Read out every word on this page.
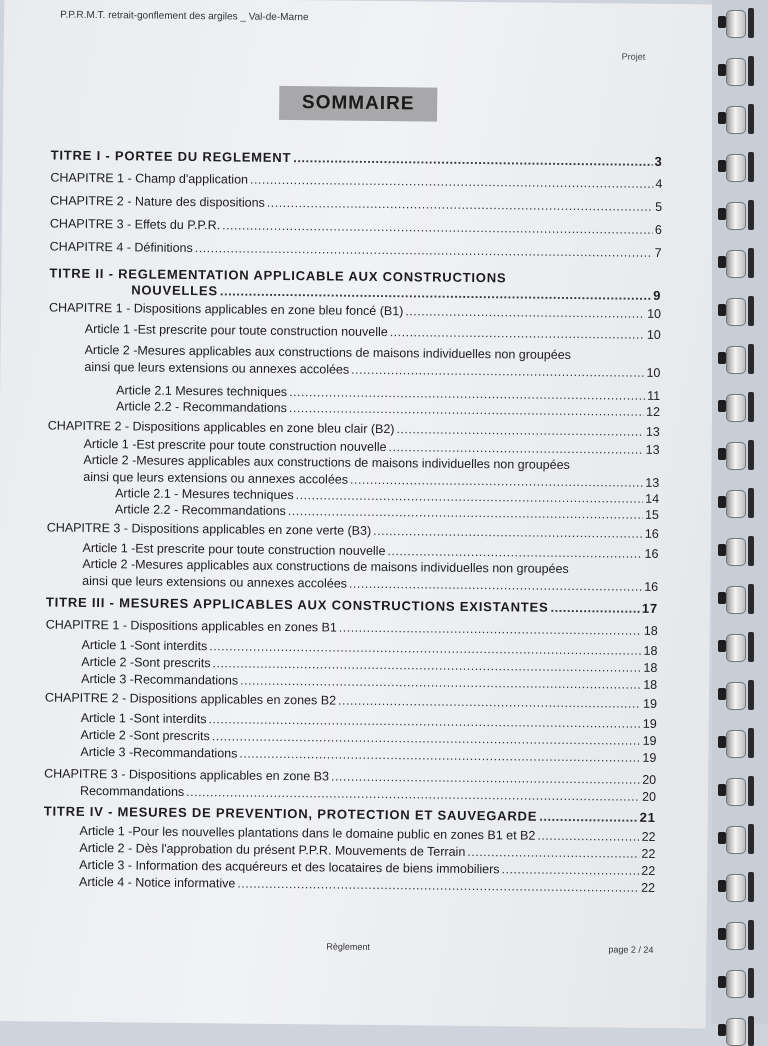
P.P.R.M.T. retrait-gonflement des argiles _ Val-de-Marne
Projet
SOMMAIRE
TITRE I - PORTEE DU REGLEMENT .....	3
CHAPITRE 1 - Champ d'application .....	4
CHAPITRE 2 - Nature des dispositions .....	5
CHAPITRE 3 - Effets du P.P.R. .....	6
CHAPITRE 4 - Définitions .....	7
TITRE II - REGLEMENTATION APPLICABLE AUX CONSTRUCTIONS
NOUVELLES .....	9
CHAPITRE 1 - Dispositions applicables en zone bleu foncé (B1) .....	10
Article 1 -Est prescrite pour toute construction nouvelle .....	10
Article 2 -Mesures applicables aux constructions de maisons individuelles non groupées
ainsi que leurs extensions ou annexes accolées .....	10
Article 2.1 Mesures techniques .....	11
Article 2.2 - Recommandations .....	12
CHAPITRE 2 - Dispositions applicables en zone bleu clair (B2) .....	13
Article 1 -Est prescrite pour toute construction nouvelle .....	13
Article 2 -Mesures applicables aux constructions de maisons individuelles non groupées
ainsi que leurs extensions ou annexes accolées .....	13
Article 2.1 - Mesures techniques .....	14
Article 2.2 - Recommandations .....	15
CHAPITRE 3 - Dispositions applicables en zone verte (B3) .....	16
Article 1 -Est prescrite pour toute construction nouvelle .....	16
Article 2 -Mesures applicables aux constructions de maisons individuelles non groupées
ainsi que leurs extensions ou annexes accolées .....	16
TITRE III - MESURES APPLICABLES AUX CONSTRUCTIONS EXISTANTES .....	17
CHAPITRE 1 - Dispositions applicables en zones B1 .....	18
Article 1 -Sont interdits .....	18
Article 2 -Sont prescrits .....	18
Article 3 -Recommandations .....	18
CHAPITRE 2 - Dispositions applicables en zones B2 .....	19
Article 1 -Sont interdits .....	19
Article 2 -Sont prescrits .....	19
Article 3 -Recommandations .....	19
CHAPITRE 3 - Dispositions applicables en zone B3 .....	20
Recommandations .....	20
TITRE IV - MESURES DE PREVENTION, PROTECTION ET SAUVEGARDE .....	21
Article 1 -Pour les nouvelles plantations dans le domaine public en zones B1 et B2 .....	22
Article 2 - Dès l'approbation du présent P.P.R. Mouvements de Terrain .....	22
Article 3 - Information des acquéreurs et des locataires de biens immobiliers .....	22
Article 4 - Notice informative .....	22
Règlement	page 2 / 24
